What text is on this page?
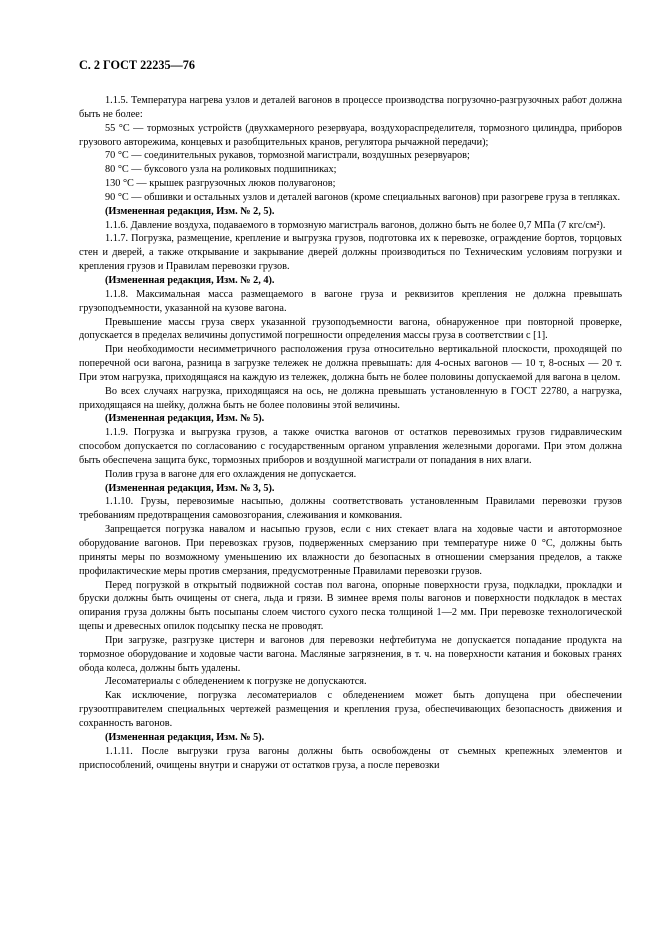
С. 2 ГОСТ 22235—76

1.1.5. Температура нагрева узлов и деталей вагонов в процессе производства погрузочно-разгрузочных работ должна быть не более:

55 °С — тормозных устройств (двухкамерного резервуара, воздухораспределителя, тормозного цилиндра, приборов грузового авторежима, концевых и разобщительных кранов, регулятора рычажной передачи);

70 °С — соединительных рукавов, тормозной магистрали, воздушных резервуаров;

80 °С — буксового узла на роликовых подшипниках;

130 °С — крышек разгрузочных люков полувагонов;

90 °С — обшивки и остальных узлов и деталей вагонов (кроме специальных вагонов) при разогреве груза в тепляках.

(Измененная редакция, Изм. № 2, 5).

1.1.6. Давление воздуха, подаваемого в тормозную магистраль вагонов, должно быть не более 0,7 МПа (7 кгс/см²).

1.1.7. Погрузка, размещение, крепление и выгрузка грузов, подготовка их к перевозке, ограждение бортов, торцовых стен и дверей, а также открывание и закрывание дверей должны производиться по Техническим условиям погрузки и крепления грузов и Правилам перевозки грузов.

(Измененная редакция, Изм. № 2, 4).

1.1.8. Максимальная масса размещаемого в вагоне груза и реквизитов крепления не должна превышать грузоподъемности, указанной на кузове вагона.

Превышение массы груза сверх указанной грузоподъемности вагона, обнаруженное при повторной проверке, допускается в пределах величины допустимой погрешности определения массы груза в соответствии с [1].

При необходимости несимметричного расположения груза относительно вертикальной плоскости, проходящей по поперечной оси вагона, разница в загрузке тележек не должна превышать: для 4-осных вагонов — 10 т, 8-осных — 20 т. При этом нагрузка, приходящаяся на каждую из тележек, должна быть не более половины допускаемой для вагона в целом.

Во всех случаях нагрузка, приходящаяся на ось, не должна превышать установленную в ГОСТ 22780, а нагрузка, приходящаяся на шейку, должна быть не более половины этой величины.

(Измененная редакция, Изм. № 5).

1.1.9. Погрузка и выгрузка грузов, а также очистка вагонов от остатков перевозимых грузов гидравлическим способом допускается по согласованию с государственным органом управления железными дорогами. При этом должна быть обеспечена защита букс, тормозных приборов и воздушной магистрали от попадания в них влаги.

Полив груза в вагоне для его охлаждения не допускается.

(Измененная редакция, Изм. № 3, 5).

1.1.10. Грузы, перевозимые насыпью, должны соответствовать установленным Правилами перевозки грузов требованиям предотвращения самовозгорания, слеживания и комкования.

Запрещается погрузка навалом и насыпью грузов, если с них стекает влага на ходовые части и автотормозное оборудование вагонов. При перевозках грузов, подверженных смерзанию при температуре ниже 0 °С, должны быть приняты меры по возможному уменьшению их влажности до безопасных в отношении смерзания пределов, а также профилактические меры против смерзания, предусмотренные Правилами перевозки грузов.

Перед погрузкой в открытый подвижной состав пол вагона, опорные поверхности груза, подкладки, прокладки и бруски должны быть очищены от снега, льда и грязи. В зимнее время полы вагонов и поверхности подкладок в местах опирания груза должны быть посыпаны слоем чистого сухого песка толщиной 1—2 мм. При перевозке технологической щепы и древесных опилок подсыпку песка не проводят.

При загрузке, разгрузке цистерн и вагонов для перевозки нефтебитума не допускается попадание продукта на тормозное оборудование и ходовые части вагона. Масляные загрязнения, в т. ч. на поверхности катания и боковых гранях обода колеса, должны быть удалены.

Лесоматериалы с обледенением к погрузке не допускаются.

Как исключение, погрузка лесоматериалов с обледенением может быть допущена при обеспечении грузоотправителем специальных чертежей размещения и крепления груза, обеспечивающих безопасность движения и сохранность вагонов.

(Измененная редакция, Изм. № 5).

1.1.11. После выгрузки груза вагоны должны быть освобождены от съемных крепежных элементов и приспособлений, очищены внутри и снаружи от остатков груза, а после перевозки
